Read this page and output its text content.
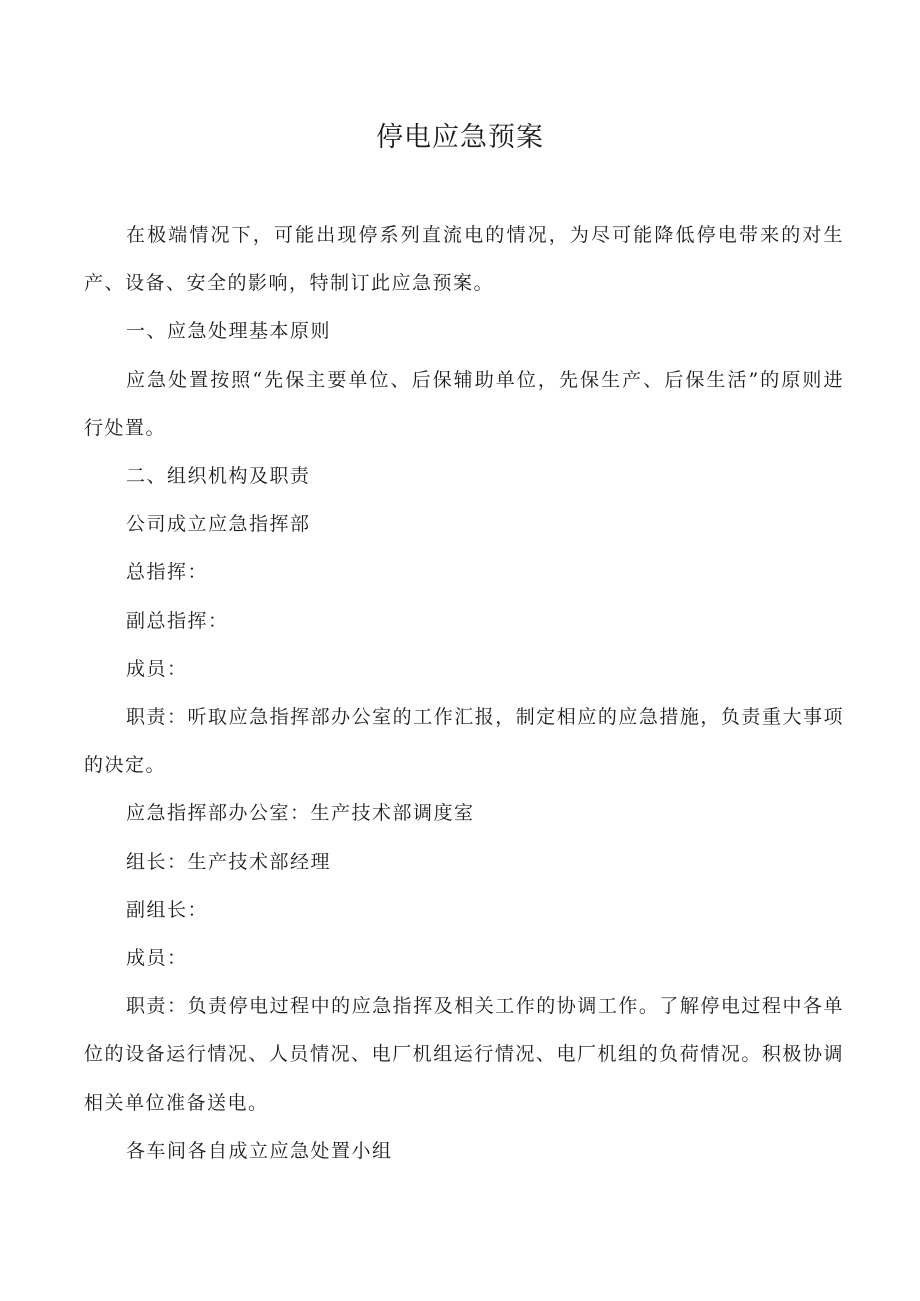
停电应急预案

在极端情况下，可能出现停系列直流电的情况，为尽可能降低停电带来的对生产、设备、安全的影响，特制订此应急预案。

一、应急处理基本原则

应急处置按照“先保主要单位、后保辅助单位，先保生产、后保生活”的原则进行处置。

二、组织机构及职责

公司成立应急指挥部

总指挥：

副总指挥：

成员：

职责：听取应急指挥部办公室的工作汇报，制定相应的应急措施，负责重大事项的决定。

应急指挥部办公室：生产技术部调度室

组长：生产技术部经理

副组长：

成员：

职责：负责停电过程中的应急指挥及相关工作的协调工作。了解停电过程中各单位的设备运行情况、人员情况、电厂机组运行情况、电厂机组的负荷情况。积极协调相关单位准备送电。

各车间各自成立应急处置小组
